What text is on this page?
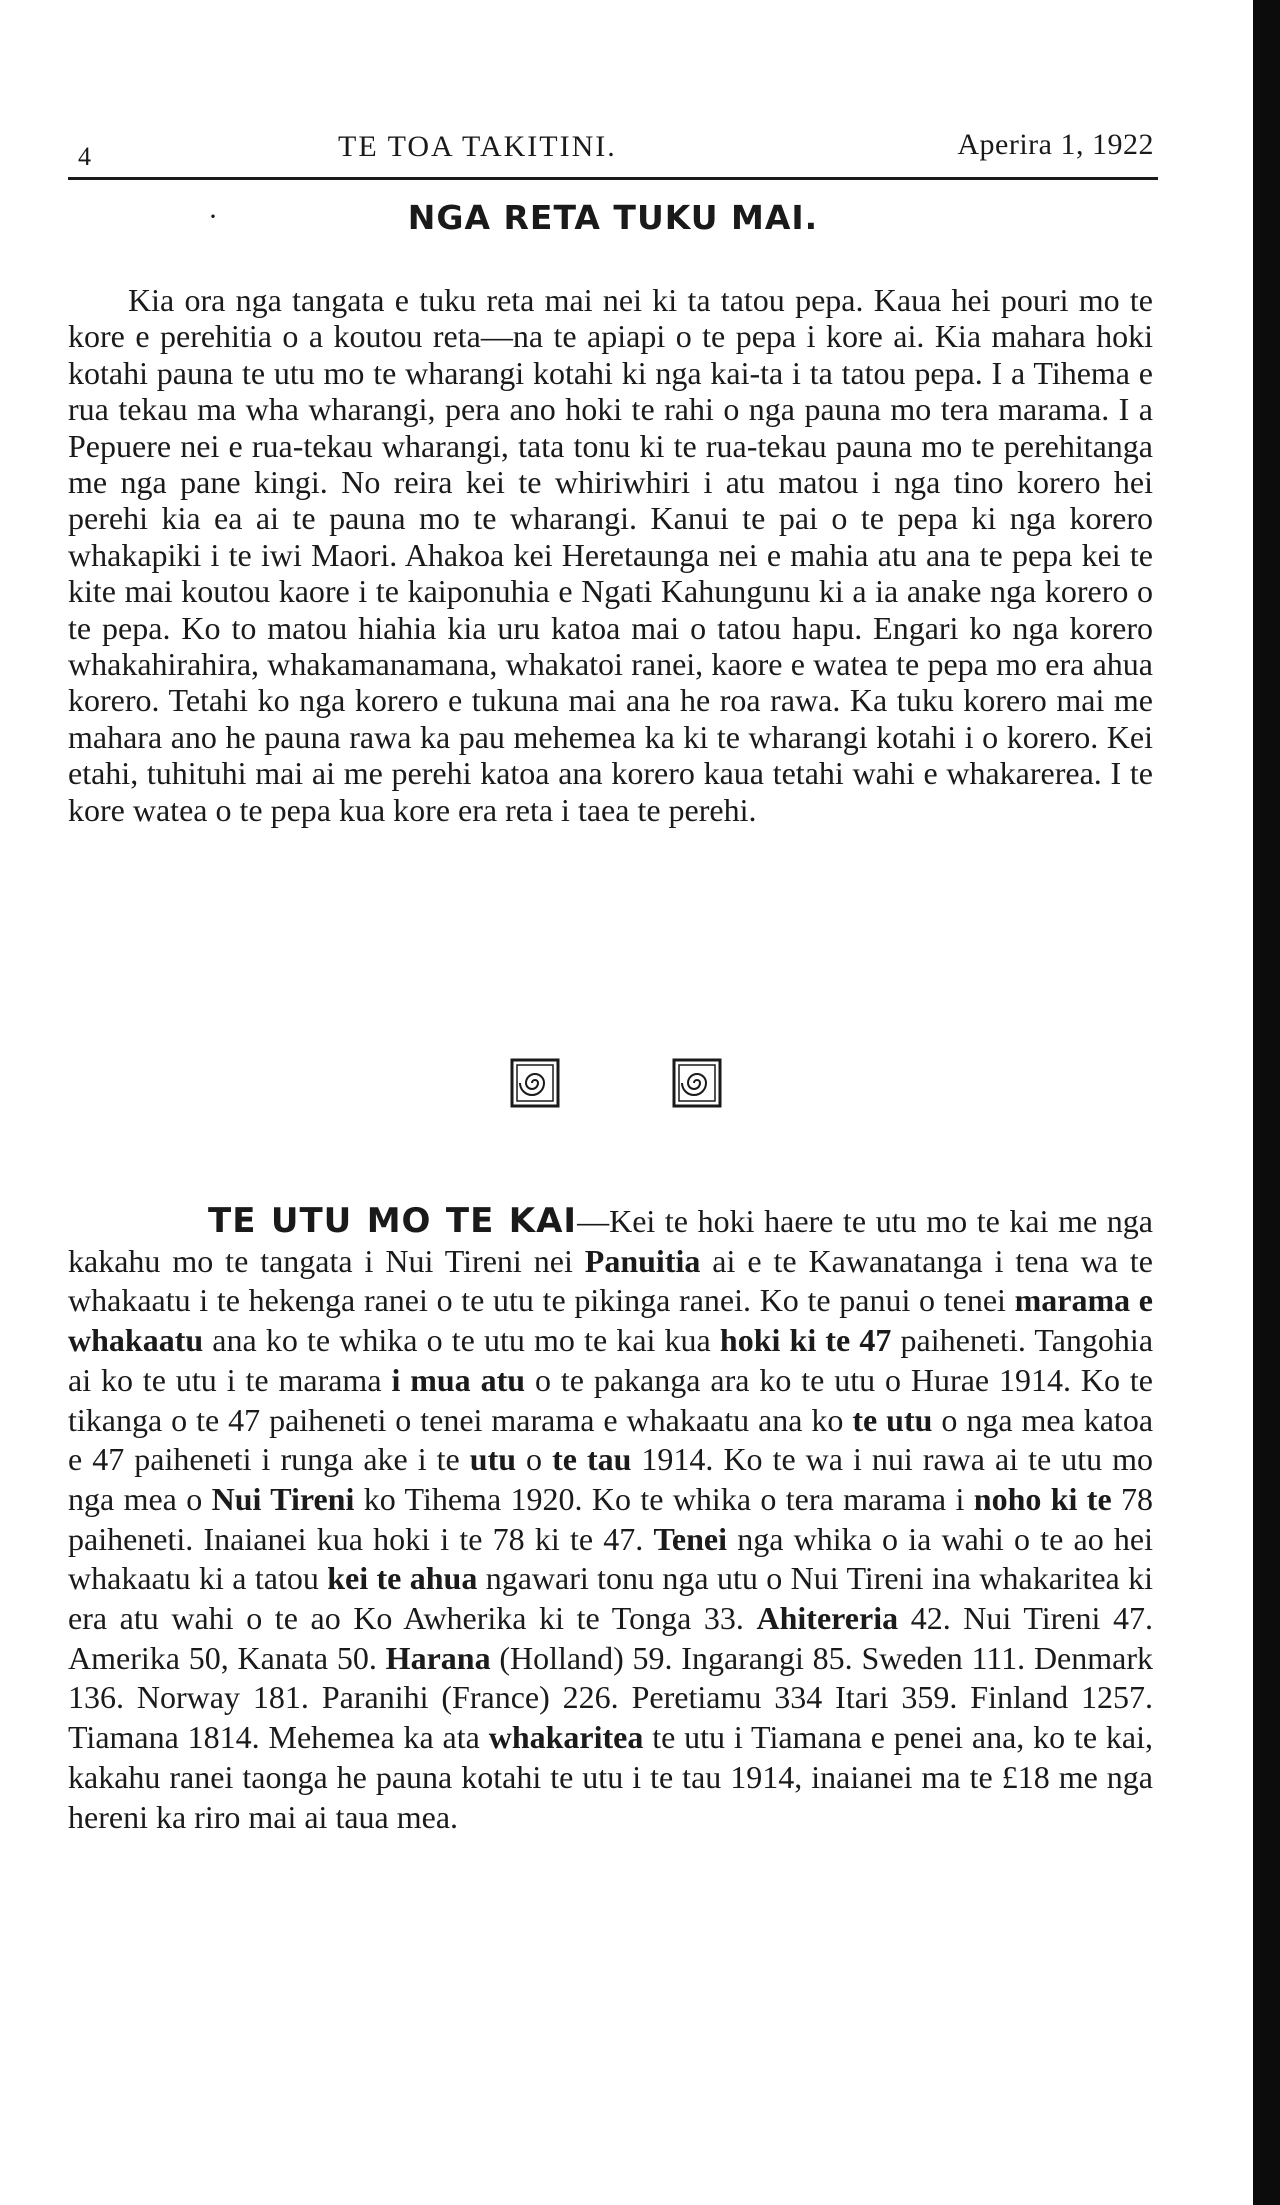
4	TE TOA TAKITINI.	Aperira 1, 1922
·	NGA RETA TUKU MAI.

Kia ora nga tangata e tuku reta mai nei ki ta tatou pepa. Kaua hei pouri mo te kore e perehitia o a koutou reta—na te apiapi o te pepa i kore ai. Kia mahara hoki kotahi pauna te utu mo te wharangi kotahi ki nga kai-ta i ta tatou pepa. I a Tihema e rua tekau ma wha wharangi, pera ano hoki te rahi o nga pauna mo tera marama. I a Pepuere nei e rua-tekau wharangi, tata tonu ki te rua-tekau pauna mo te perehitanga me nga pane kingi. No reira kei te whiriwhiri i atu matou i nga tino korero hei perehi kia ea ai te pauna mo te wharangi. Kanui te pai o te pepa ki nga korero whakapiki i te iwi Maori. Ahakoa kei Heretaunga nei e mahia atu ana te pepa kei te kite mai koutou kaore i te kaiponuhia e Ngati Kahungunu ki a ia anake nga korero o te pepa. Ko to matou hiahia kia uru katoa mai o tatou hapu. Engari ko nga korero whakahirahira, whakamanamana, whakatoi ranei, kaore e watea te pepa mo era ahua korero. Tetahi ko nga korero e tukuna mai ana he roa rawa. Ka tuku korero mai me mahara ano he pauna rawa ka pau mehemea ka ki te wharangi kotahi i o korero. Kei etahi, tuhituhi mai ai me perehi katoa ana korero kaua tetahi wahi e whakarerea. I te kore watea o te pepa kua kore era reta i taea te perehi.

TE UTU MO TE KAI—Kei te hoki haere te utu mo te kai me nga kakahu mo te tangata i Nui Tireni nei Panuitia ai e te Kawanatanga i tena wa te whakaatu i te hekenga ranei o te utu te pikinga ranei. Ko te panui o tenei marama e whakaatu ana ko te whika o te utu mo te kai kua hoki ki te 47 paiheneti. Tangohia ai ko te utu i te marama i mua atu o te pakanga ara ko te utu o Hurae 1914. Ko te tikanga o te 47 paiheneti o tenei marama e whakaatu ana ko te utu o nga mea katoa e 47 paiheneti i runga ake i te utu o te tau 1914. Ko te wa i nui rawa ai te utu mo nga mea o Nui Tireni ko Tihema 1920. Ko te whika o tera marama i noho ki te 78 paiheneti. Inaianei kua hoki i te 78 ki te 47. Tenei nga whika o ia wahi o te ao hei whakaatu ki a tatou kei te ahua ngawari tonu nga utu o Nui Tireni ina whakaritea ki era atu wahi o te ao Ko Awherika ki te Tonga 33. Ahitereria 42. Nui Tireni 47. Amerika 50, Kanata 50. Harana (Holland) 59. Ingarangi 85. Sweden 111. Denmark 136. Norway 181. Paranihi (France) 226. Peretiamu 334 Itari 359. Finland 1257. Tiamana 1814. Mehemea ka ata whakaritea te utu i Tiamana e penei ana, ko te kai, kakahu ranei taonga he pauna kotahi te utu i te tau 1914, inaianei ma te £18 me nga hereni ka riro mai ai taua mea.
